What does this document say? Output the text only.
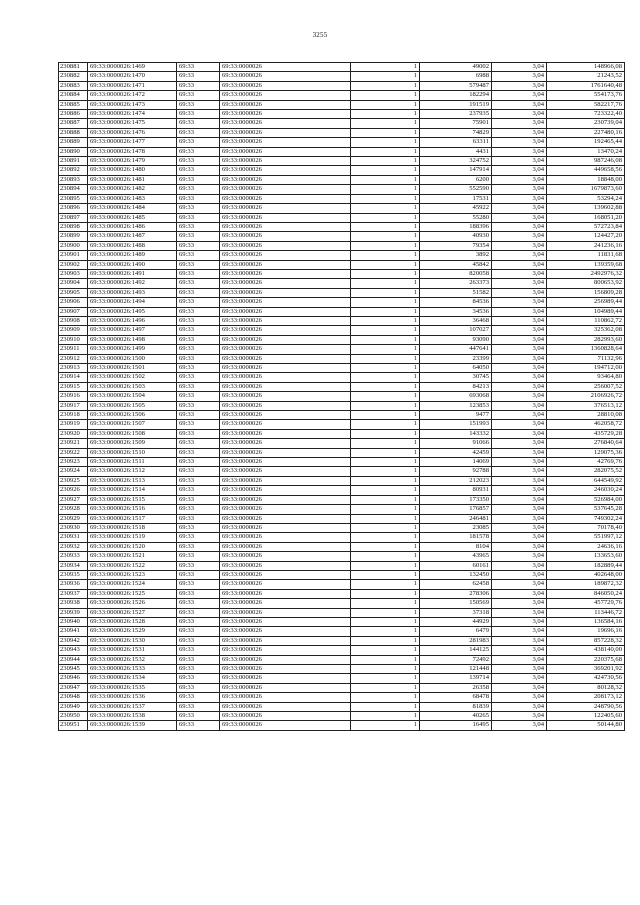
3255
230881	69:33:0000026:1469	69:33	69:33:0000026	1	49002	3,04	148966,08
230882	69:33:0000026:1470	69:33	69:33:0000026	1	6988	3,04	21243,52
230883	69:33:0000026:1471	69:33	69:33:0000026	1	579487	3,04	1761640,48
230884	69:33:0000026:1472	69:33	69:33:0000026	1	182294	3,04	554173,76
230885	69:33:0000026:1473	69:33	69:33:0000026	1	191519	3,04	582217,76
230886	69:33:0000026:1474	69:33	69:33:0000026	1	237935	3,04	723322,40
230887	69:33:0000026:1475	69:33	69:33:0000026	1	75901	3,04	230739,04
230888	69:33:0000026:1476	69:33	69:33:0000026	1	74829	3,04	227480,16
230889	69:33:0000026:1477	69:33	69:33:0000026	1	63311	3,04	192465,44
230890	69:33:0000026:1478	69:33	69:33:0000026	1	4431	3,04	13470,24
230891	69:33:0000026:1479	69:33	69:33:0000026	1	324752	3,04	987246,08
230892	69:33:0000026:1480	69:33	69:33:0000026	1	147914	3,04	449658,56
230893	69:33:0000026:1481	69:33	69:33:0000026	1	6200	3,04	18848,00
230894	69:33:0000026:1482	69:33	69:33:0000026	1	552590	3,04	1679873,60
230895	69:33:0000026:1483	69:33	69:33:0000026	1	17531	3,04	53294,24
230896	69:33:0000026:1484	69:33	69:33:0000026	1	45922	3,04	139602,88
230897	69:33:0000026:1485	69:33	69:33:0000026	1	55280	3,04	168051,20
230898	69:33:0000026:1486	69:33	69:33:0000026	1	188396	3,04	572723,84
230899	69:33:0000026:1487	69:33	69:33:0000026	1	40930	3,04	124427,20
230900	69:33:0000026:1488	69:33	69:33:0000026	1	79354	3,04	241236,16
230901	69:33:0000026:1489	69:33	69:33:0000026	1	3892	3,04	11831,68
230902	69:33:0000026:1490	69:33	69:33:0000026	1	45842	3,04	139359,68
230903	69:33:0000026:1491	69:33	69:33:0000026	1	820058	3,04	2492976,32
230904	69:33:0000026:1492	69:33	69:33:0000026	1	263373	3,04	800653,92
230905	69:33:0000026:1493	69:33	69:33:0000026	1	51582	3,04	156809,28
230906	69:33:0000026:1494	69:33	69:33:0000026	1	84536	3,04	256989,44
230907	69:33:0000026:1495	69:33	69:33:0000026	1	34536	3,04	104989,44
230908	69:33:0000026:1496	69:33	69:33:0000026	1	36468	3,04	110862,72
230909	69:33:0000026:1497	69:33	69:33:0000026	1	107027	3,04	325362,08
230910	69:33:0000026:1498	69:33	69:33:0000026	1	93090	3,04	282993,60
230911	69:33:0000026:1499	69:33	69:33:0000026	1	447641	3,04	1360828,64
230912	69:33:0000026:1500	69:33	69:33:0000026	1	23399	3,04	71132,96
230913	69:33:0000026:1501	69:33	69:33:0000026	1	64050	3,04	194712,00
230914	69:33:0000026:1502	69:33	69:33:0000026	1	30745	3,04	93464,80
230915	69:33:0000026:1503	69:33	69:33:0000026	1	84213	3,04	256007,52
230916	69:33:0000026:1504	69:33	69:33:0000026	1	693068	3,04	2106926,72
230917	69:33:0000026:1505	69:33	69:33:0000026	1	123853	3,04	376513,12
230918	69:33:0000026:1506	69:33	69:33:0000026	1	9477	3,04	28810,08
230919	69:33:0000026:1507	69:33	69:33:0000026	1	151993	3,04	462058,72
230920	69:33:0000026:1508	69:33	69:33:0000026	1	143332	3,04	435729,28
230921	69:33:0000026:1509	69:33	69:33:0000026	1	91066	3,04	276840,64
230922	69:33:0000026:1510	69:33	69:33:0000026	1	42459	3,04	129075,36
230923	69:33:0000026:1511	69:33	69:33:0000026	1	14069	3,04	42769,76
230924	69:33:0000026:1512	69:33	69:33:0000026	1	92788	3,04	282075,52
230925	69:33:0000026:1513	69:33	69:33:0000026	1	212023	3,04	644549,92
230926	69:33:0000026:1514	69:33	69:33:0000026	1	80931	3,04	246030,24
230927	69:33:0000026:1515	69:33	69:33:0000026	1	173350	3,04	526984,00
230928	69:33:0000026:1516	69:33	69:33:0000026	1	176857	3,04	537645,28
230929	69:33:0000026:1517	69:33	69:33:0000026	1	246481	3,04	749302,24
230930	69:33:0000026:1518	69:33	69:33:0000026	1	23085	3,04	70178,40
230931	69:33:0000026:1519	69:33	69:33:0000026	1	181578	3,04	551997,12
230932	69:33:0000026:1520	69:33	69:33:0000026	1	8104	3,04	24636,16
230933	69:33:0000026:1521	69:33	69:33:0000026	1	43965	3,04	133653,60
230934	69:33:0000026:1522	69:33	69:33:0000026	1	60161	3,04	182889,44
230935	69:33:0000026:1523	69:33	69:33:0000026	1	132450	3,04	402648,00
230936	69:33:0000026:1524	69:33	69:33:0000026	1	62458	3,04	189872,32
230937	69:33:0000026:1525	69:33	69:33:0000026	1	278306	3,04	846050,24
230938	69:33:0000026:1526	69:33	69:33:0000026	1	150569	3,04	457729,76
230939	69:33:0000026:1527	69:33	69:33:0000026	1	37318	3,04	113446,72
230940	69:33:0000026:1528	69:33	69:33:0000026	1	44929	3,04	136584,16
230941	69:33:0000026:1529	69:33	69:33:0000026	1	6479	3,04	19696,16
230942	69:33:0000026:1530	69:33	69:33:0000026	1	281983	3,04	857228,32
230943	69:33:0000026:1531	69:33	69:33:0000026	1	144125	3,04	438140,00
230944	69:33:0000026:1532	69:33	69:33:0000026	1	72492	3,04	220375,68
230945	69:33:0000026:1533	69:33	69:33:0000026	1	121448	3,04	369201,92
230946	69:33:0000026:1534	69:33	69:33:0000026	1	139714	3,04	424730,56
230947	69:33:0000026:1535	69:33	69:33:0000026	1	26358	3,04	80128,32
230948	69:33:0000026:1536	69:33	69:33:0000026	1	68478	3,04	208173,12
230949	69:33:0000026:1537	69:33	69:33:0000026	1	81839	3,04	248790,56
230950	69:33:0000026:1538	69:33	69:33:0000026	1	40265	3,04	122405,60
230951	69:33:0000026:1539	69:33	69:33:0000026	1	16495	3,04	50144,80
